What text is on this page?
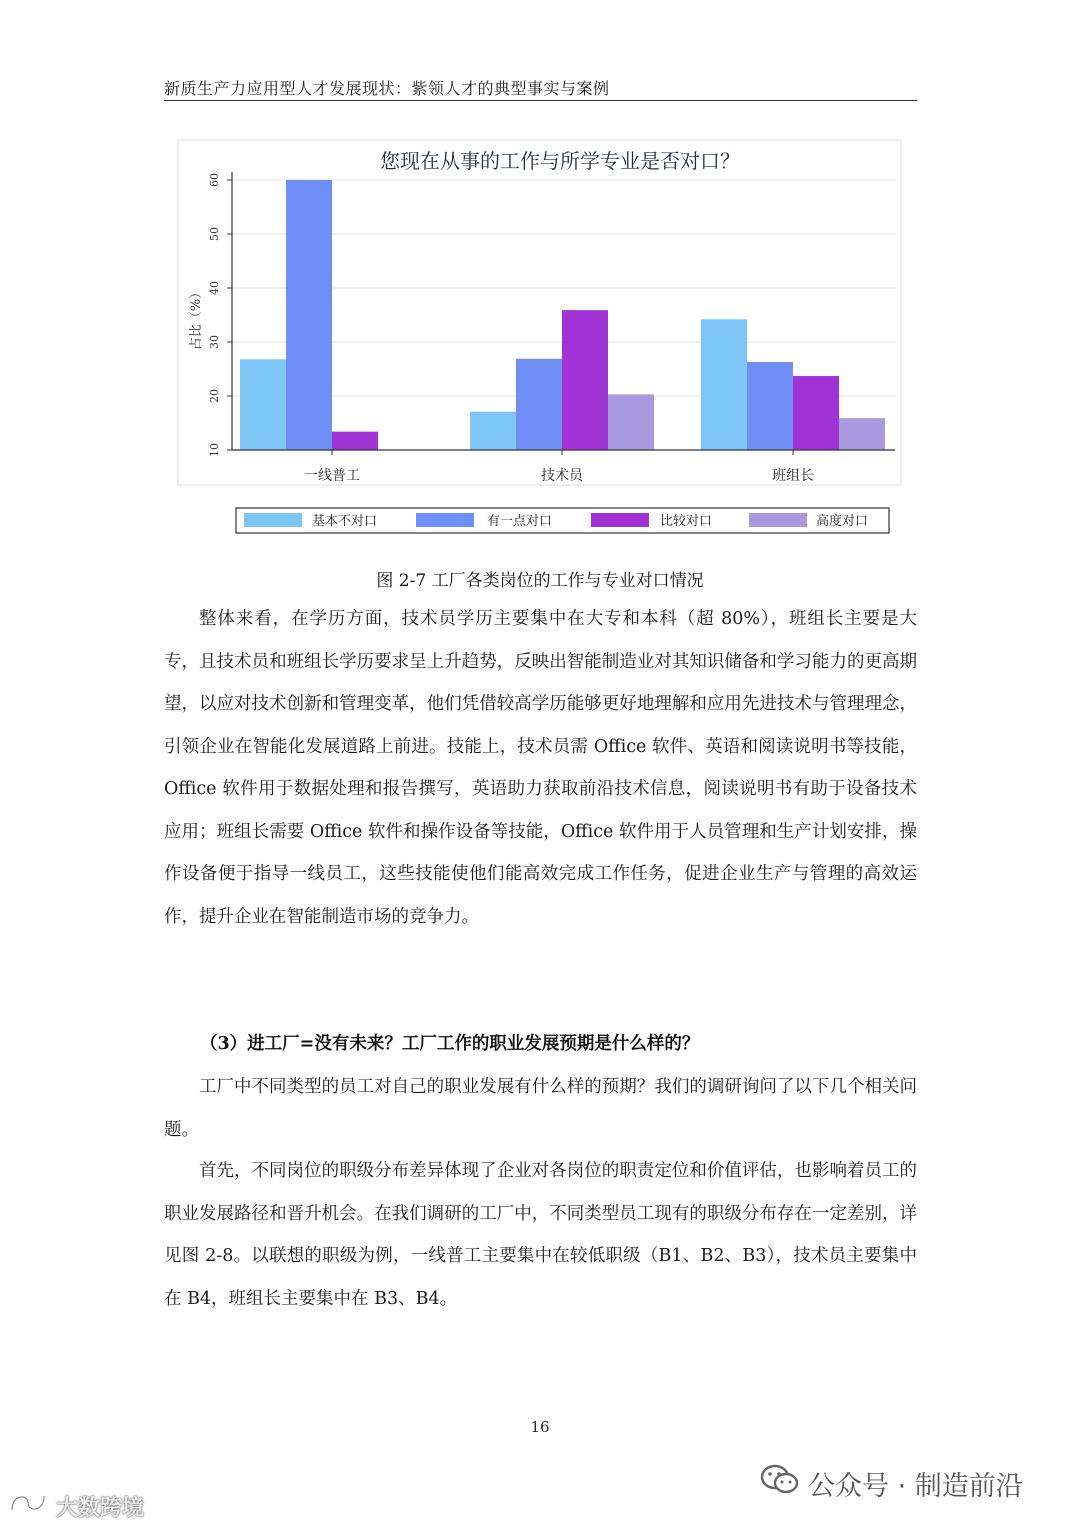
新质生产力应用型人才发展现状：紫领人才的典型事实与案例
您现在从事的工作与所学专业是否对口？
10
20
30
40
50
60
一线普工	技术员	班组长
占比（%）
基本不对口	有一点对口	比较对口	高度对口
图 2-7 工厂各类岗位的工作与专业对口情况

整体来看，在学历方面，技术员学历主要集中在大专和本科（超 80%），班组长主要是大专，且技术员和班组长学历要求呈上升趋势，反映出智能制造业对其知识储备和学习能力的更高期望，以应对技术创新和管理变革，他们凭借较高学历能够更好地理解和应用先进技术与管理理念，引领企业在智能化发展道路上前进。技能上，技术员需 Office 软件、英语和阅读说明书等技能，Office 软件用于数据处理和报告撰写，英语助力获取前沿技术信息，阅读说明书有助于设备技术应用；班组长需要 Office 软件和操作设备等技能，Office 软件用于人员管理和生产计划安排，操作设备便于指导一线员工，这些技能使他们能高效完成工作任务，促进企业生产与管理的高效运作，提升企业在智能制造市场的竞争力。

（3）进工厂=没有未来？工厂工作的职业发展预期是什么样的？

工厂中不同类型的员工对自己的职业发展有什么样的预期？我们的调研询问了以下几个相关问题。

首先，不同岗位的职级分布差异体现了企业对各岗位的职责定位和价值评估，也影响着员工的职业发展路径和晋升机会。在我们调研的工厂中，不同类型员工现有的职级分布存在一定差别，详见图 2-8。以联想的职级为例，一线普工主要集中在较低职级（B1、B2、B3），技术员主要集中在 B4，班组长主要集中在 B3、B4。

16
公众号 · 制造前沿
大数跨境
